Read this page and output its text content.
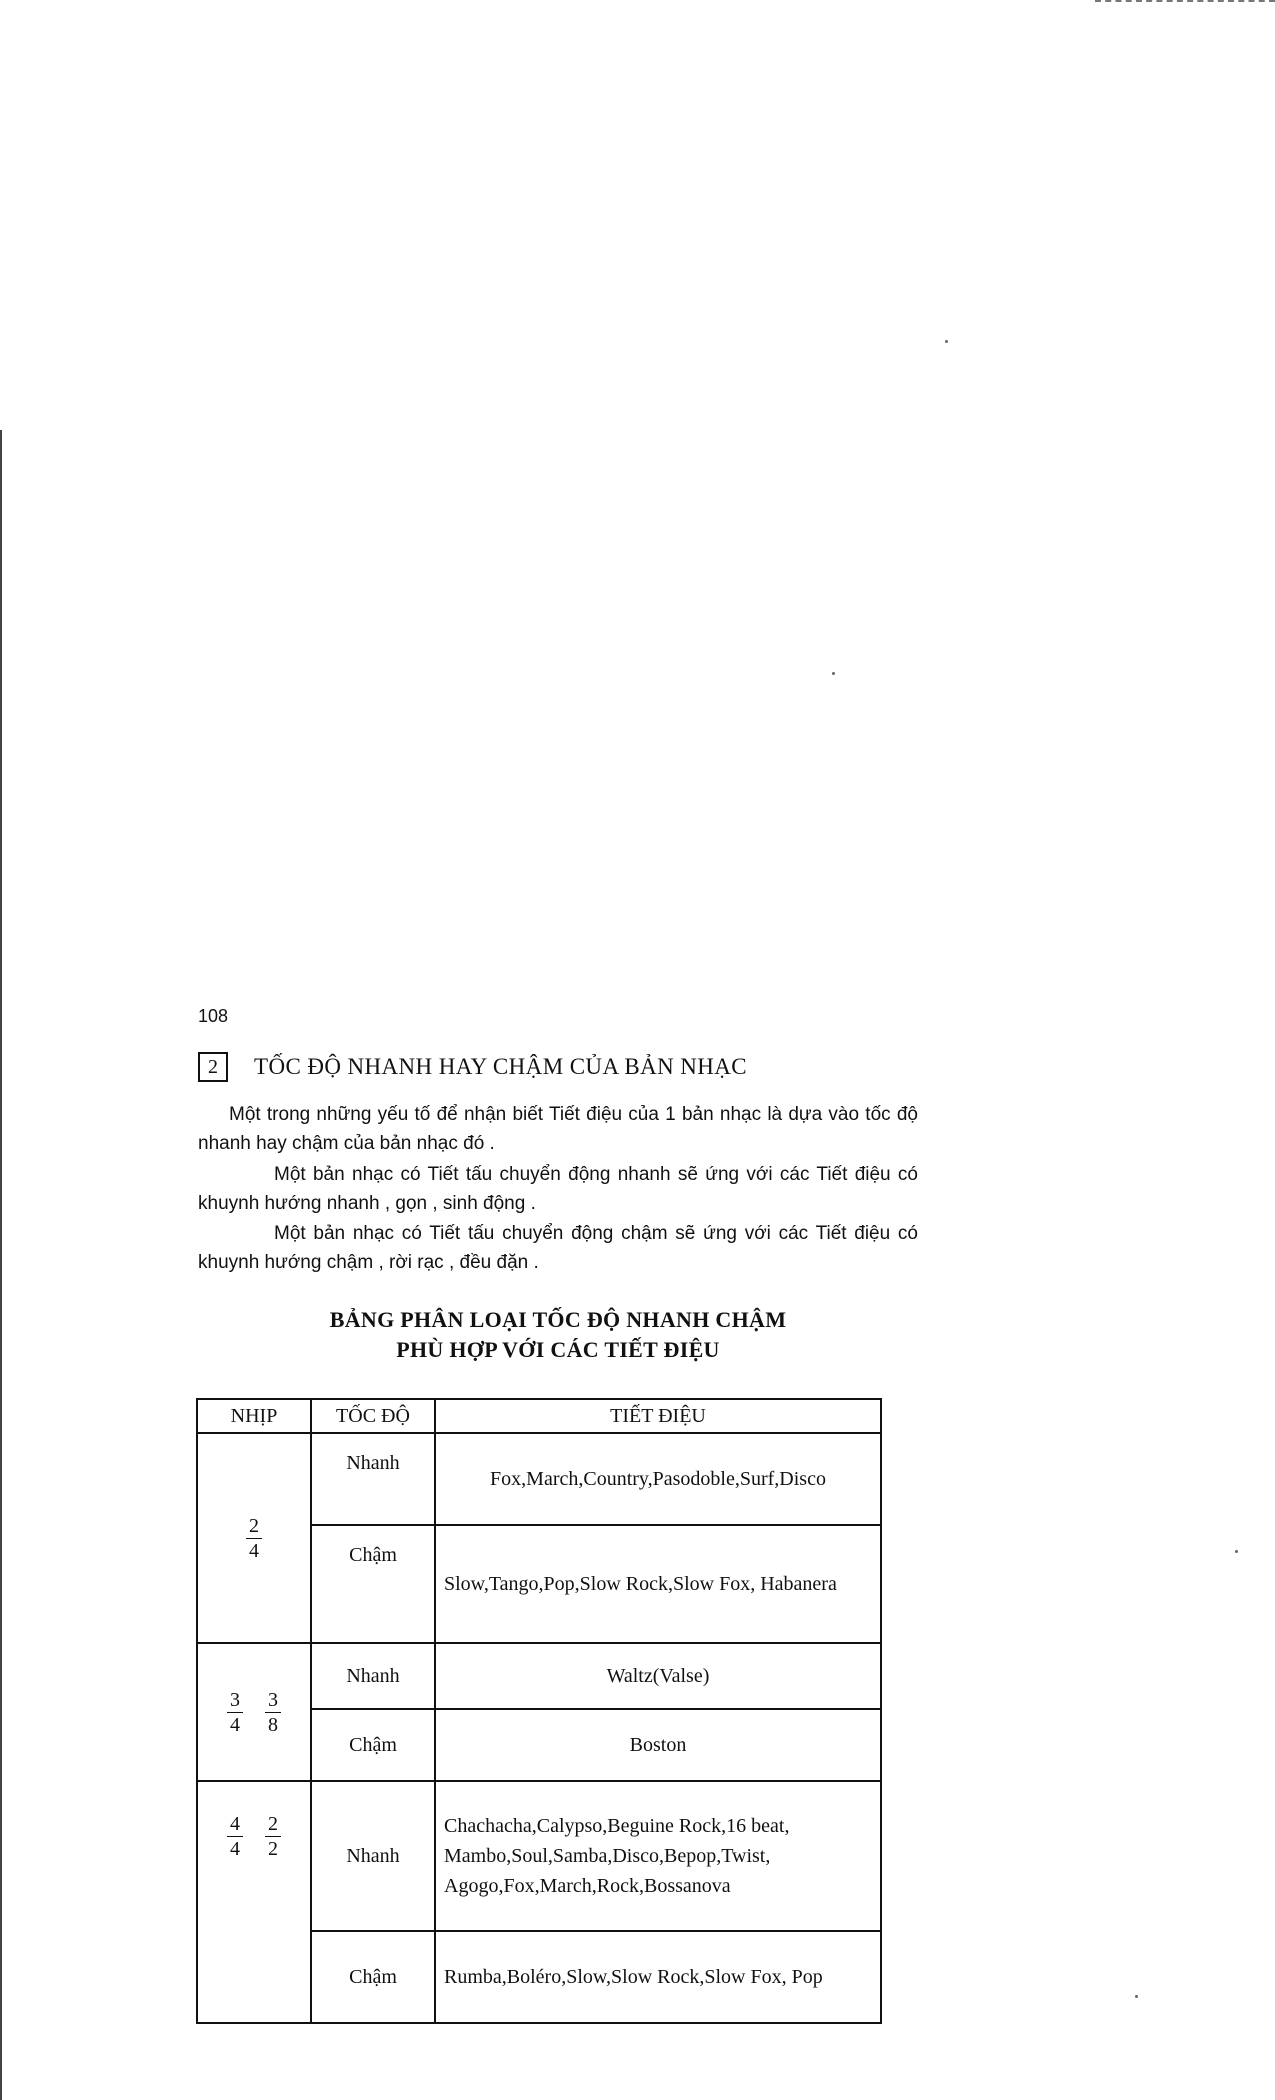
108
2 TỐC ĐỘ NHANH HAY CHẬM CỦA BẢN NHẠC

Một trong những yếu tố để nhận biết Tiết điệu của 1 bản nhạc là dựa vào tốc độ nhanh hay chậm của bản nhạc đó .

Một bản nhạc có Tiết tấu chuyển động nhanh sẽ ứng với các Tiết điệu có khuynh hướng nhanh , gọn , sinh động .

Một bản nhạc có Tiết tấu chuyển động chậm sẽ ứng với các Tiết điệu có khuynh hướng chậm , rời rạc , đều đặn .

BẢNG PHÂN LOẠI TỐC ĐỘ NHANH CHẬM
PHÙ HỢP VỚI CÁC TIẾT ĐIỆU
NHỊP	TỐC ĐỘ	TIẾT ĐIỆU

$\frac{2}{4}$	Nhanh	Fox,March,Country,Pasodoble,Surf,Disco
	Chậm	Slow,Tango,Pop,Slow Rock,Slow Fox, Habanera

$\frac{3}{4} \frac{3}{8}$	Nhanh	Waltz(Valse)
	Chậm	Boston

$\frac{4}{4} \frac{2}{2}$	Nhanh	Chachacha,Calypso,Beguine Rock,16 beat, Mambo,Soul,Samba,Disco,Bepop,Twist, Agogo,Fox,March,Rock,Bossanova
	Chậm	Rumba,Boléro,Slow,Slow Rock,Slow Fox, Pop
